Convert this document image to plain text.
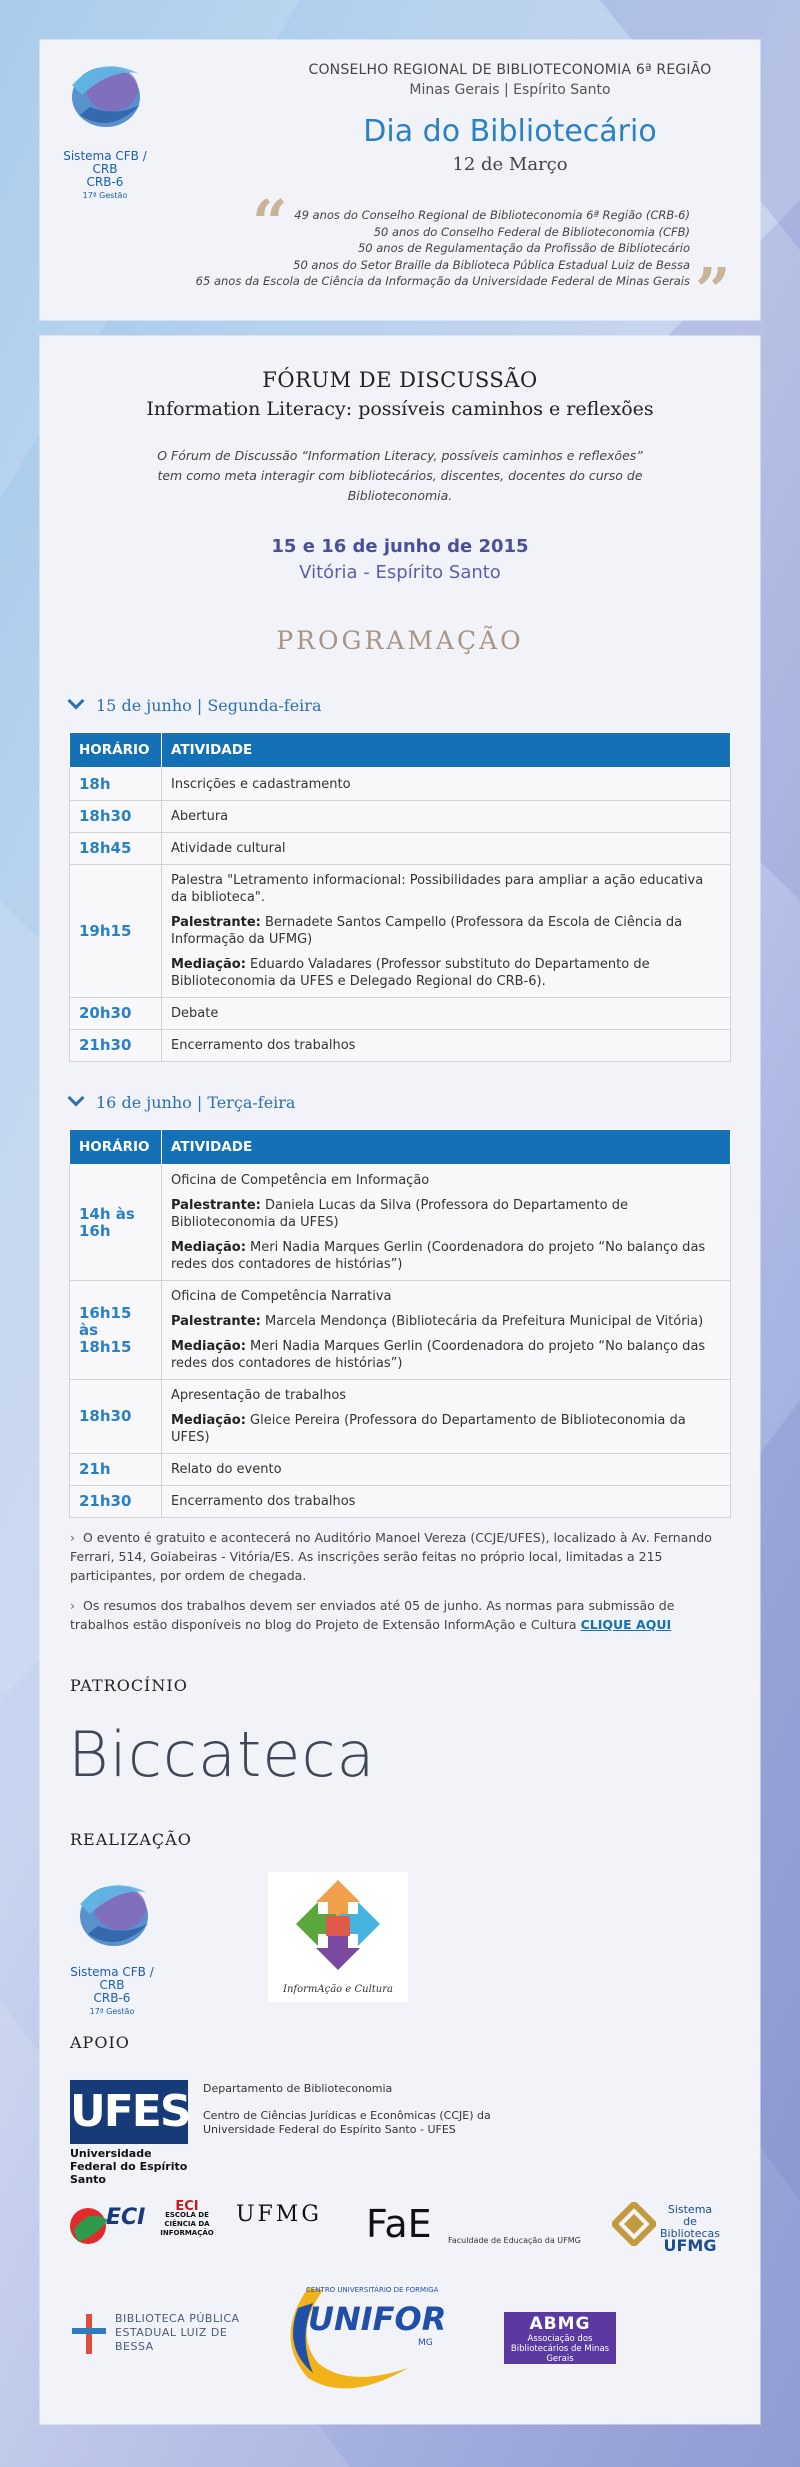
Sistema CFB / CRB
CRB-6
17ª Gestão
CONSELHO REGIONAL DE BIBLIOTECONOMIA 6ª REGIÃO
Minas Gerais | Espírito Santo
Dia do Bibliotecário
12 de Março
“
”
49 anos do Conselho Regional de Biblioteconomia 6ª Região (CRB-6)
50 anos do Conselho Federal de Biblioteconomia (CFB)
50 anos de Regulamentação da Profissão de Bibliotecário
50 anos do Setor Braille da Biblioteca Pública Estadual Luiz de Bessa
65 anos da Escola de Ciência da Informação da Universidade Federal de Minas Gerais
FÓRUM DE DISCUSSÃO
Information Literacy: possíveis caminhos e reflexões
O Fórum de Discussão “Information Literacy, possíveis caminhos e reflexões” tem como meta interagir com bibliotecários, discentes, docentes do curso de Biblioteconomia.
15 e 16 de junho de 2015
Vitória - Espírito Santo
PROGRAMAÇÃO
15 de junho | Segunda-feira
HORÁRIO	ATIVIDADE
18h	Inscrições e cadastramento
18h30	Abertura
18h45	Atividade cultural
19h15	Palestra "Letramento informacional: Possibilidades para ampliar a ação educativa da biblioteca".

Palestrante: Bernadete Santos Campello (Professora da Escola de Ciência da Informação da UFMG)

Mediação: Eduardo Valadares (Professor substituto do Departamento de Biblioteconomia da UFES e Delegado Regional do CRB-6).

20h30	Debate
21h30	Encerramento dos trabalhos
16 de junho | Terça-feira
HORÁRIO	ATIVIDADE
14h às 16h	Oficina de Competência em Informação

Palestrante: Daniela Lucas da Silva (Professora do Departamento de Biblioteconomia da UFES)

Mediação: Meri Nadia Marques Gerlin (Coordenadora do projeto “No balanço das redes dos contadores de histórias”)

16h15 às 18h15	Oficina de Competência Narrativa

Palestrante: Marcela Mendonça (Bibliotecária da Prefeitura Municipal de Vitória)

Mediação: Meri Nadia Marques Gerlin (Coordenadora do projeto “No balanço das redes dos contadores de histórias”)

18h30	Apresentação de trabalhos

Mediação: Gleice Pereira (Professora do Departamento de Biblioteconomia da UFES)

21h	Relato do evento
21h30	Encerramento dos trabalhos
› O evento é gratuito e acontecerá no Auditório Manoel Vereza (CCJE/UFES), localizado à Av. Fernando Ferrari, 514, Goiabeiras - Vitória/ES. As inscrições serão feitas no próprio local, limitadas a 215 participantes, por ordem de chegada.
› Os resumos dos trabalhos devem ser enviados até 05 de junho. As normas para submissão de trabalhos estão disponíveis no blog do Projeto de Extensão InformAção e Cultura CLIQUE AQUI
PATROCÍNIO
Biccateca
REALIZAÇÃO
Sistema CFB / CRB
CRB-6
17ª Gestão
InformAção e Cultura
APOIO
UFES
Universidade Federal do Espírito Santo
Departamento de Biblioteconomia
Centro de Ciências Jurídicas e Econômicas (CCJE) da Universidade Federal do Espírito Santo - UFES
ECI	ECI
ESCOLA DE CIÊNCIA DA INFORMAÇÃO
UFMG FaE Faculdade de Educação da UFMG
Sistema de Bibliotecas
UFMG
BIBLIOTECA PÚBLICA ESTADUAL LUIZ DE BESSA
CENTRO UNIVERSITÁRIO DE FORMIGA
UNIFOR
MG
ABMG
Associação dos Bibliotecários de Minas Gerais
